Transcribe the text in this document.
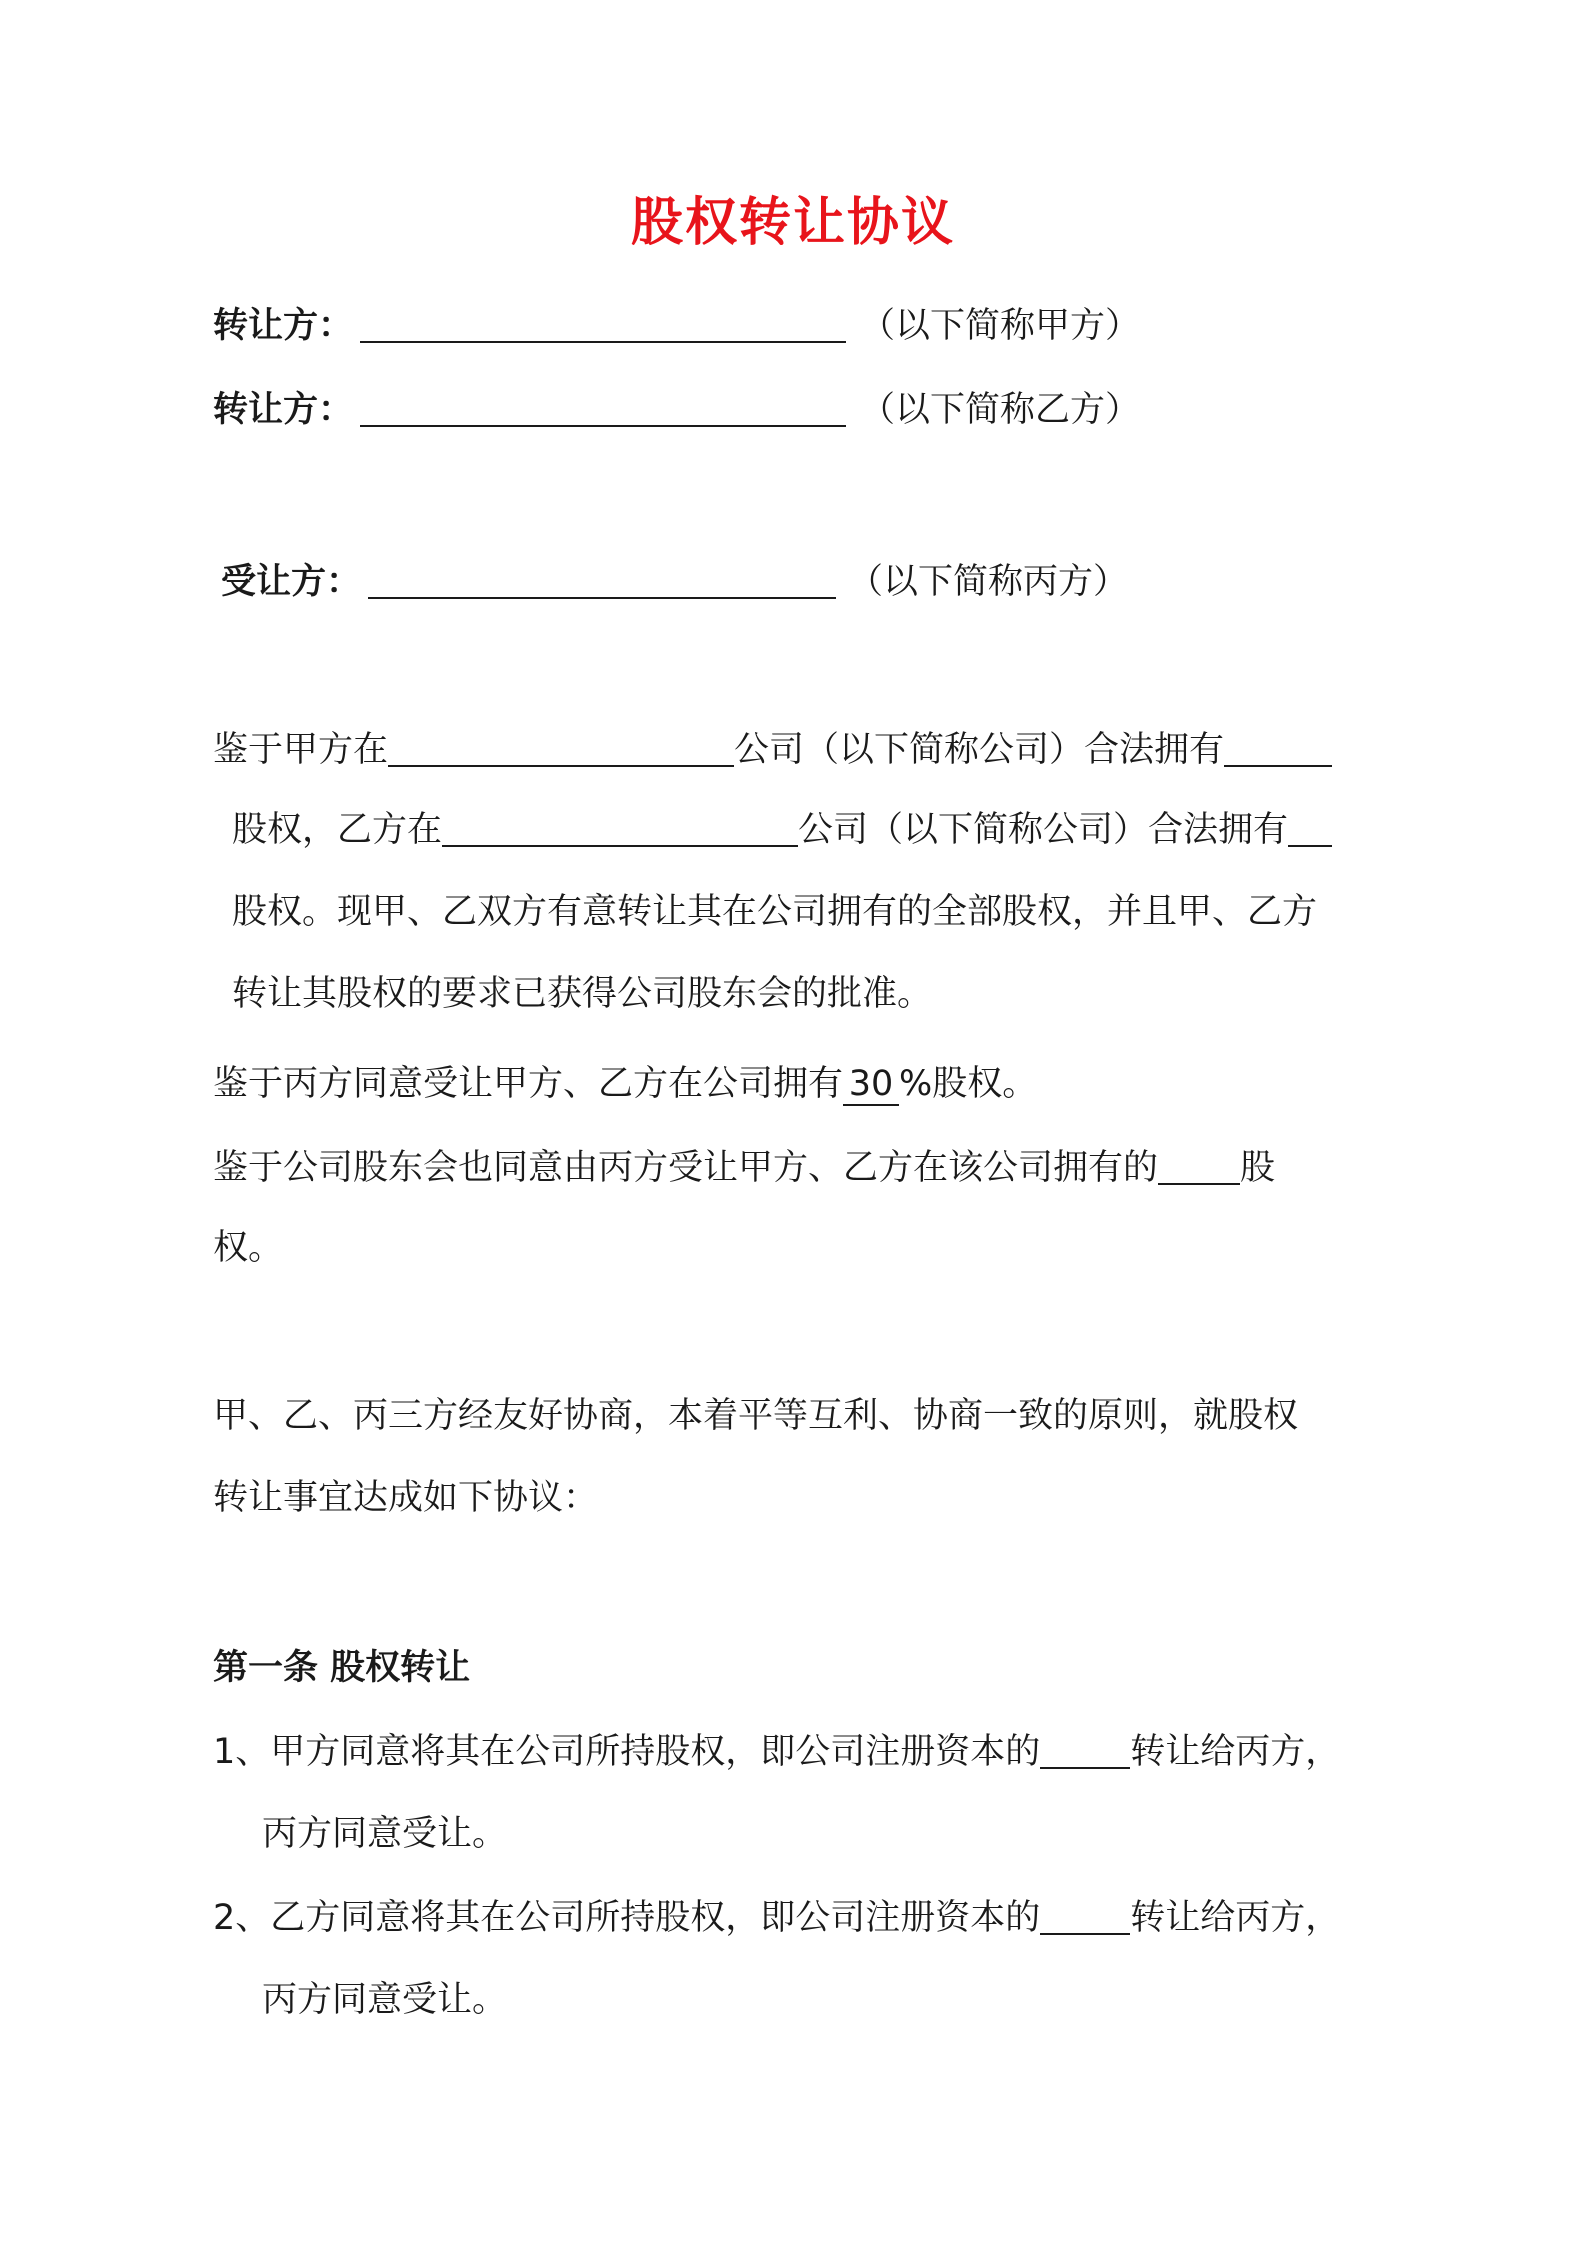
股权转让协议
转让方：	（以下简称甲方）
转让方：	（以下简称乙方）
受让方：	（以下简称丙方）
鉴于甲方在	公司（以下简称公司）合法拥有
股权，乙方在	公司（以下简称公司）合法拥有
股权。现甲、乙双方有意转让其在公司拥有的全部股权，并且甲、乙方
转让其股权的要求已获得公司股东会的批准。
鉴于丙方同意受让甲方、乙方在公司拥有 30 %股权。
鉴于公司股东会也同意由丙方受让甲方、乙方在该公司拥有的 股
权。
甲、乙、丙三方经友好协商，本着平等互利、协商一致的原则，就股权
转让事宜达成如下协议：
第一条 股权转让
1、甲方同意将其在公司所持股权，即公司注册资本的	转让给丙方，
丙方同意受让。
2、乙方同意将其在公司所持股权，即公司注册资本的	转让给丙方，
丙方同意受让。
